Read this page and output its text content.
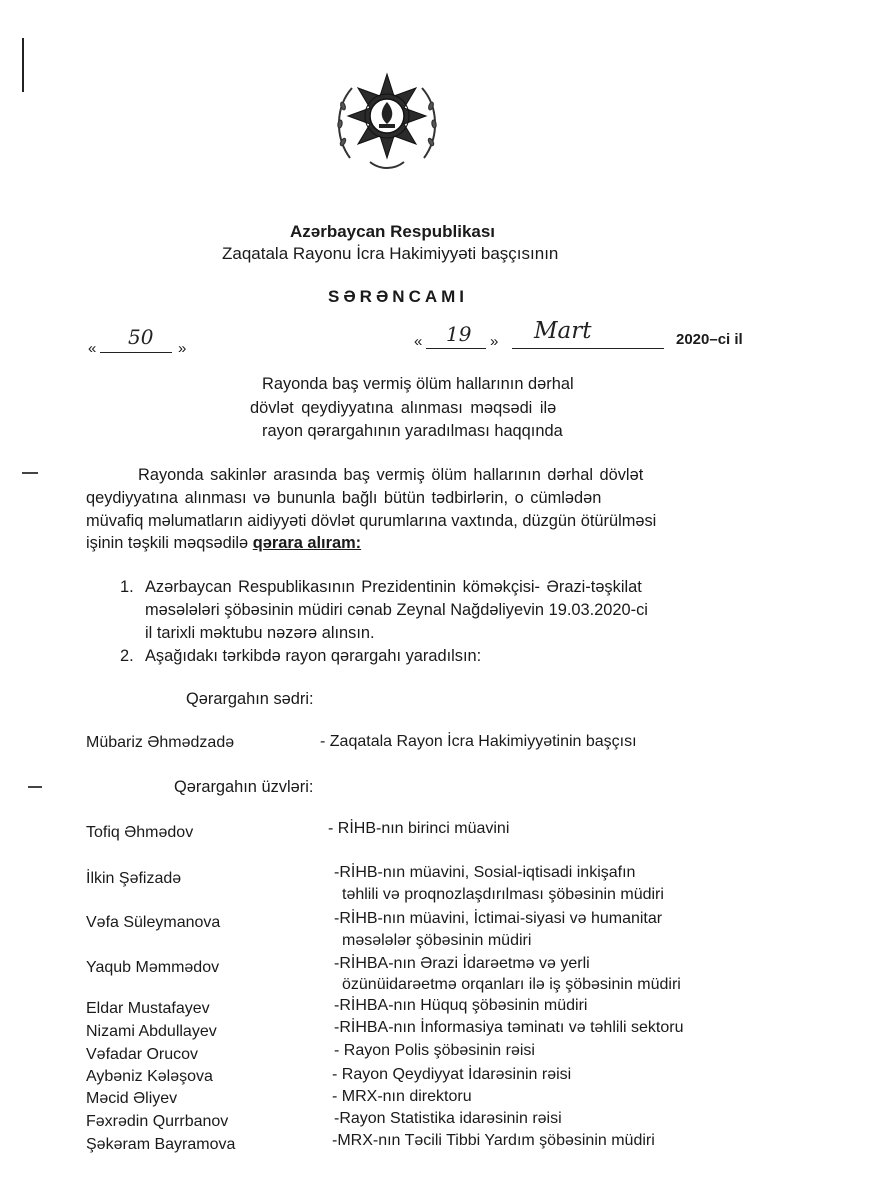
Azərbaycan Respublikası
Zaqatala Rayonu İcra Hakimiyyəti başçısının
SƏRƏNCAMI
« 50 »	« 19 » Mart	2020–ci il
Rayonda baş vermiş ölüm hallarının dərhal
dövlət qeydiyyatına alınması məqsədi ilə
rayon qərargahının yaradılması haqqında
Rayonda sakinlər arasında baş vermiş ölüm hallarının dərhal dövlət
qeydiyyatına alınması və bununla bağlı bütün tədbirlərin, o cümlədən
müvafiq məlumatların aidiyyəti dövlət qurumlarına vaxtında, düzgün ötürülməsi
işinin təşkili məqsədilə qərara alıram:
1. Azərbaycan Respublikasının Prezidentinin köməkçisi- Ərazi-təşkilat
məsələləri şöbəsinin müdiri cənab Zeynal Nağdəliyevin 19.03.2020-ci
il tarixli məktubu nəzərə alınsın.
2. Aşağıdakı tərkibdə rayon qərargahı yaradılsın:
Qərargahın sədri:
Mübariz Əhmədzadə	- Zaqatala Rayon İcra Hakimiyyətinin başçısı
Qərargahın üzvləri:
Tofiq Əhmədov	- RİHB-nın birinci müavini
İlkin Şəfizadə	-RİHB-nın müavini, Sosial-iqtisadi inkişafın
təhlili və proqnozlaşdırılması şöbəsinin müdiri
Vəfa Süleymanova	-RİHB-nın müavini, İctimai-siyasi və humanitar
məsələlər şöbəsinin müdiri
Yaqub Məmmədov	-RİHBA-nın Ərazi İdarəetmə və yerli
özünüidarəetmə orqanları ilə iş şöbəsinin müdiri
Eldar Mustafayev	-RİHBA-nın Hüquq şöbəsinin müdiri
Nizami Abdullayev	-RİHBA-nın İnformasiya təminatı və təhlili sektoru
Vəfadar Orucov	- Rayon Polis şöbəsinin rəisi
Aybəniz Kələşova	- Rayon Qeydiyyat İdarəsinin rəisi
Məcid Əliyev	- MRX-nın direktoru
Fəxrədin Qurrbanov	-Rayon Statistika idarəsinin rəisi
Şəkəram Bayramova	-MRX-nın Təcili Tibbi Yardım şöbəsinin müdiri
